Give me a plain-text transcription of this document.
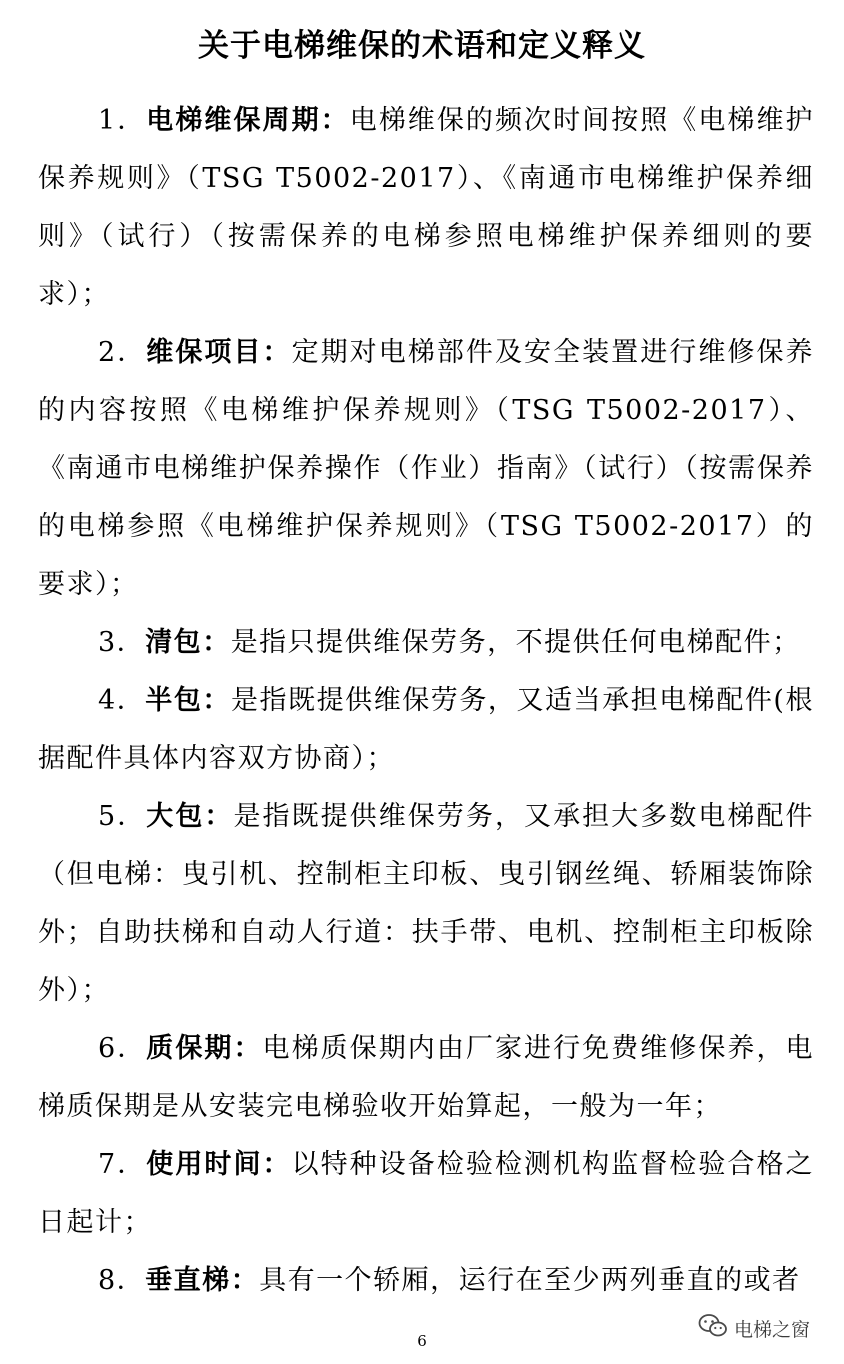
关于电梯维保的术语和定义释义

1．电梯维保周期：电梯维保的频次时间按照《电梯维护保养规则》（TSG T5002-2017）、《南通市电梯维护保养细则》（试行）（按需保养的电梯参照电梯维护保养细则的要求）；

2．维保项目：定期对电梯部件及安全装置进行维修保养的内容按照《电梯维护保养规则》（TSG T5002-2017）、《南通市电梯维护保养操作（作业）指南》（试行）（按需保养的电梯参照《电梯维护保养规则》（TSG T5002-2017）的要求）；

3．清包：是指只提供维保劳务，不提供任何电梯配件；

4．半包：是指既提供维保劳务，又适当承担电梯配件(根据配件具体内容双方协商）；

5．大包：是指既提供维保劳务，又承担大多数电梯配件（但电梯：曳引机、控制柜主印板、曳引钢丝绳、轿厢装饰除外；自助扶梯和自动人行道：扶手带、电机、控制柜主印板除外）；

6．质保期：电梯质保期内由厂家进行免费维修保养，电梯质保期是从安装完电梯验收开始算起，一般为一年；

7．使用时间：以特种设备检验检测机构监督检验合格之日起计；

8．垂直梯：具有一个轿厢，运行在至少两列垂直的或者

电梯之窗
6
